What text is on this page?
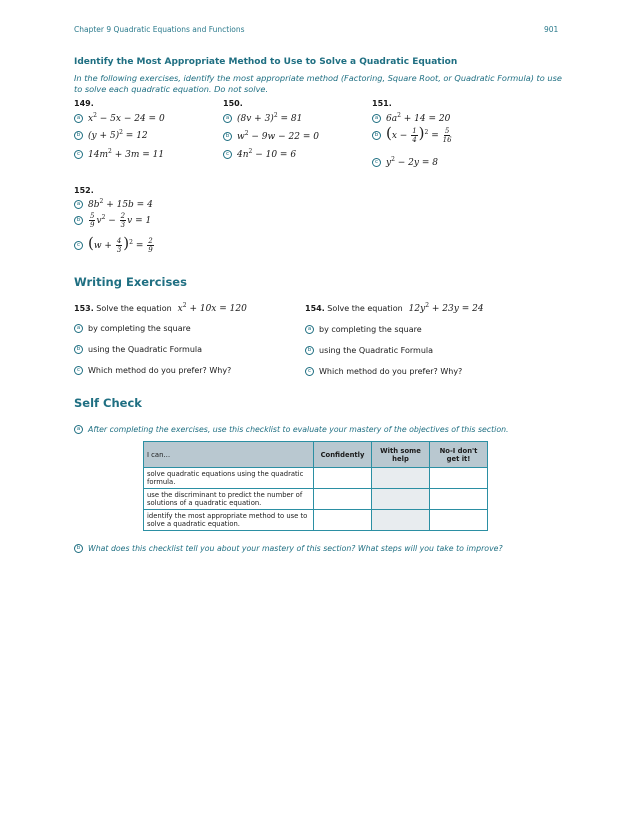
Chapter 9 Quadratic Equations and Functions	901
Identify the Most Appropriate Method to Use to Solve a Quadratic Equation
In the following exercises, identify the most appropriate method (Factoring, Square Root, or Quadratic Formula) to use to solve each quadratic equation. Do not solve.
149.
a $x^2 - 5x - 24 = 0$
b $(y + 5)^2 = 12$
c $14m^2 + 3m = 11$
150.
a $(8v + 3)^2 = 81$
b $w^2 - 9w - 22 = 0$
c $4n^2 - 10 = 6$
151.
a $6a^2 + 14 = 20$
b $(x - \frac{1}{4} )^2 = \frac{5}{16}$
c $y^2 - 2y = 8$
152.
a $8b^2 + 15b = 4$
b	$\frac{5}{9} v^2 - \frac{2}{3}$ v = 1
c $(w + \frac{4}{3} )^2 = \frac{2}{9}$
Writing Exercises
153.
Solve the equation $x^2 + 10x = 120$
a by completing the square
b using the Quadratic Formula
c Which method do you prefer? Why?
154.
Solve the equation $12y^2 + 23y = 24$
a by completing the square
b using the Quadratic Formula
c Which method do you prefer? Why?
Self Check
a	After completing the exercises, use this checklist to evaluate your mastery of the objectives of this section.
I can…	Confidently	With some help	No-I don't get it!
solve quadratic equations using the quadratic formula.			
use the discriminant to predict the number of solutions of a quadratic equation.			
identify the most appropriate method to use to solve a quadratic equation.			
b What does this checklist tell you about your mastery of this section? What steps will you take to improve?
